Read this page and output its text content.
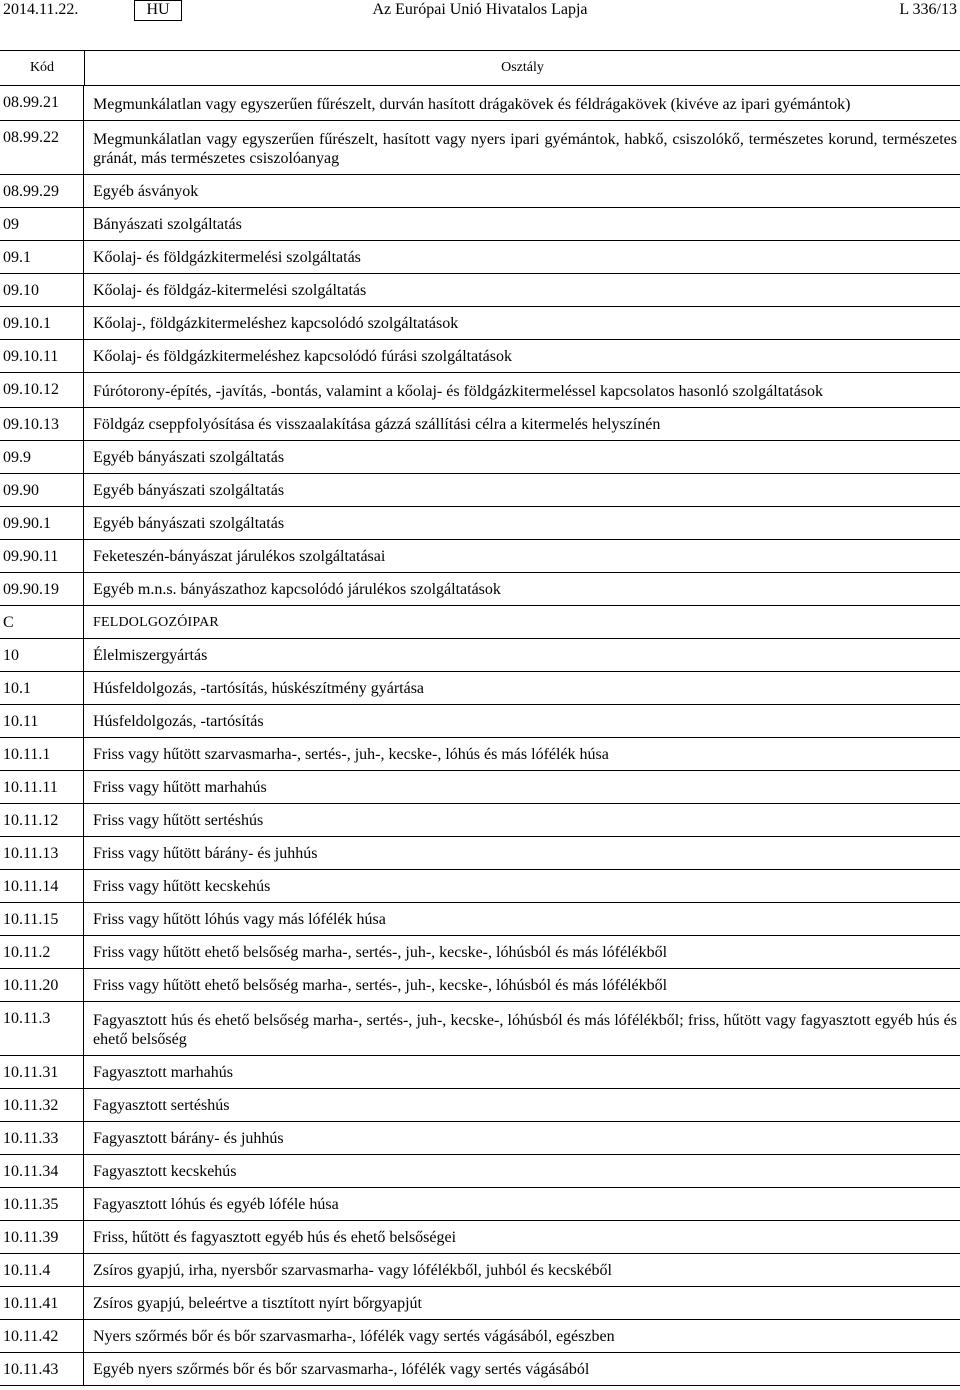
2014.11.22.	HU	Az Európai Unió Hivatalos Lapja	L 336/13
Kód	Osztály
08.99.21	Megmunkálatlan vagy egyszerűen fűrészelt, durván hasított drágakövek és féldrágakövek (kivéve az ipari gyémántok)
08.99.22	Megmunkálatlan vagy egyszerűen fűrészelt, hasított vagy nyers ipari gyémántok, habkő, csiszolókő, természetes korund, természetes gránát, más természetes csiszolóanyag
08.99.29	Egyéb ásványok
09	Bányászati szolgáltatás
09.1	Kőolaj- és földgázkitermelési szolgáltatás
09.10	Kőolaj- és földgáz-kitermelési szolgáltatás
09.10.1	Kőolaj-, földgázkitermeléshez kapcsolódó szolgáltatások
09.10.11	Kőolaj- és földgázkitermeléshez kapcsolódó fúrási szolgáltatások
09.10.12	Fúrótorony-építés, -javítás, -bontás, valamint a kőolaj- és földgázkitermeléssel kapcsolatos hasonló szolgáltatások
09.10.13	Földgáz cseppfolyósítása és visszaalakítása gázzá szállítási célra a kitermelés helyszínén
09.9	Egyéb bányászati szolgáltatás
09.90	Egyéb bányászati szolgáltatás
09.90.1	Egyéb bányászati szolgáltatás
09.90.11	Feketeszén-bányászat járulékos szolgáltatásai
09.90.19	Egyéb m.n.s. bányászathoz kapcsolódó járulékos szolgáltatások
C	FELDOLGOZÓIPAR
10	Élelmiszergyártás
10.1	Húsfeldolgozás, -tartósítás, húskészítmény gyártása
10.11	Húsfeldolgozás, -tartósítás
10.11.1	Friss vagy hűtött szarvasmarha-, sertés-, juh-, kecske-, lóhús és más lófélék húsa
10.11.11	Friss vagy hűtött marhahús
10.11.12	Friss vagy hűtött sertéshús
10.11.13	Friss vagy hűtött bárány- és juhhús
10.11.14	Friss vagy hűtött kecskehús
10.11.15	Friss vagy hűtött lóhús vagy más lófélék húsa
10.11.2	Friss vagy hűtött ehető belsőség marha-, sertés-, juh-, kecske-, lóhúsból és más lófélékből
10.11.20	Friss vagy hűtött ehető belsőség marha-, sertés-, juh-, kecske-, lóhúsból és más lófélékből
10.11.3	Fagyasztott hús és ehető belsőség marha-, sertés-, juh-, kecske-, lóhúsból és más lófélékből; friss, hűtött vagy fagyasztott egyéb hús és ehető belsőség
10.11.31	Fagyasztott marhahús
10.11.32	Fagyasztott sertéshús
10.11.33	Fagyasztott bárány- és juhhús
10.11.34	Fagyasztott kecskehús
10.11.35	Fagyasztott lóhús és egyéb lóféle húsa
10.11.39	Friss, hűtött és fagyasztott egyéb hús és ehető belsőségei
10.11.4	Zsíros gyapjú, irha, nyersbőr szarvasmarha- vagy lófélékből, juhból és kecskéből
10.11.41	Zsíros gyapjú, beleértve a tisztított nyírt bőrgyapjút
10.11.42	Nyers szőrmés bőr és bőr szarvasmarha-, lófélék vagy sertés vágásából, egészben
10.11.43	Egyéb nyers szőrmés bőr és bőr szarvasmarha-, lófélék vagy sertés vágásából
